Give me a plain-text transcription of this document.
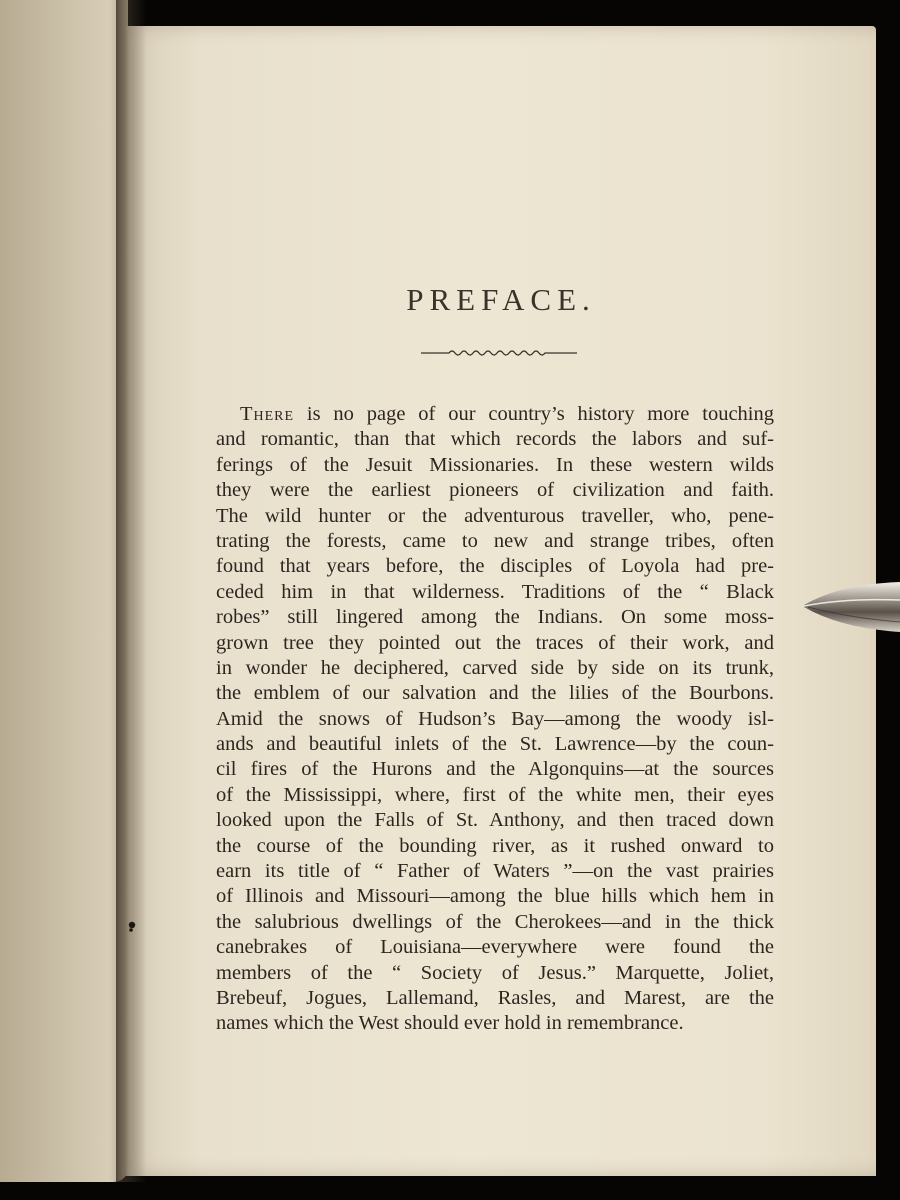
PREFACE.
There is no page of our country’s history more touching
and romantic, than that which records the labors and suf-
ferings of the Jesuit Missionaries. In these western wilds
they were the earliest pioneers of civilization and faith.
The wild hunter or the adventurous traveller, who, pene-
trating the forests, came to new and strange tribes, often
found that years before, the disciples of Loyola had pre-
ceded him in that wilderness. Traditions of the “ Black
robes” still lingered among the Indians. On some moss-
grown tree they pointed out the traces of their work, and
in wonder he deciphered, carved side by side on its trunk,
the emblem of our salvation and the lilies of the Bourbons.
Amid the snows of Hudson’s Bay—among the woody isl-
ands and beautiful inlets of the St. Lawrence—by the coun-
cil fires of the Hurons and the Algonquins—at the sources
of the Mississippi, where, first of the white men, their eyes
looked upon the Falls of St. Anthony, and then traced down
the course of the bounding river, as it rushed onward to
earn its title of “ Father of Waters ”—on the vast prairies
of Illinois and Missouri—among the blue hills which hem in
the salubrious dwellings of the Cherokees—and in the thick
canebrakes of Louisiana—everywhere were found the
members of the “ Society of Jesus.” Marquette, Joliet,
Brebeuf, Jogues, Lallemand, Rasles, and Marest, are the
names which the West should ever hold in remembrance.
